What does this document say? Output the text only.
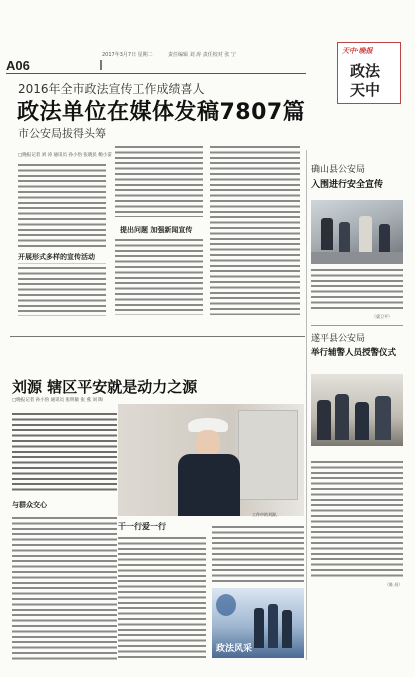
A06
2017年3月7日 星期二	责任编辑 刘 涛 责任校对 张 宁	天中·晚报
政法
天中
2016年全市政法宣传工作成绩喜人
政法单位在媒体发稿7807篇
市公安局拔得头筹
□晚报记者 刘 涛 通讯员 孙小豹 张晓民 鲍小雷
开展形式多样的宣传活动
提出问题 加强新闻宣传
确山县公安局
入围进行安全宣传
（梁卫平）
遂平县公安局
举行辅警人员授警仪式
（陈 昌）
刘源 辖区平安就是动力之源
□晚报记者 孙小豹 通讯员 张明敏 张 燕 刘 陶
与群众交心
工作中的刘源。
干一行爱一行
政法风采
